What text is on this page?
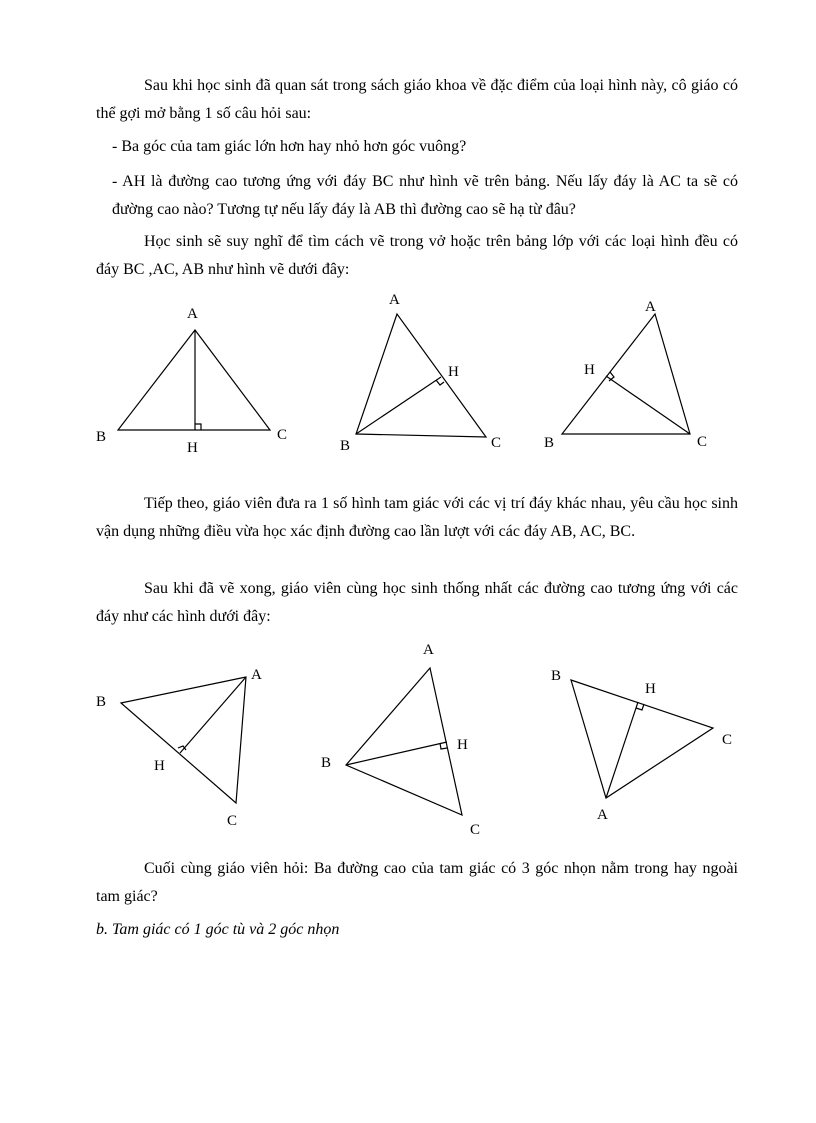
Sau khi học sinh đã quan sát trong sách giáo khoa về đặc điểm của loại hình này, cô giáo có thể gợi mở bằng 1 số câu hỏi sau:

- Ba góc của tam giác lớn hơn hay nhỏ hơn góc vuông?

- AH là đường cao tương ứng với đáy BC như hình vẽ trên bảng. Nếu lấy đáy là AC ta sẽ có đường cao nào? Tương tự nếu lấy đáy là AB thì đường cao sẽ hạ từ đâu?

Học sinh sẽ suy nghĩ để tìm cách vẽ trong vở hoặc trên bảng lớp với các loại hình đều có đáy BC ,AC, AB như hình vẽ dưới đây:

A
B	C
H
A
H
B	C
A
H
B	C

Tiếp theo, giáo viên đưa ra 1 số hình tam giác với các vị trí đáy khác nhau, yêu cầu học sinh vận dụng những điều vừa học xác định đường cao lần lượt với các đáy AB, AC, BC.

Sau khi đã vẽ xong, giáo viên cùng học sinh thống nhất các đường cao tương ứng với các đáy như các hình dưới đây:

A
B
H
C
A
H
B
C
B
H
C
A

Cuối cùng giáo viên hỏi: Ba đường cao của tam giác có 3 góc nhọn nằm trong hay ngoài tam giác?

b. Tam giác có 1 góc tù và 2 góc nhọn
